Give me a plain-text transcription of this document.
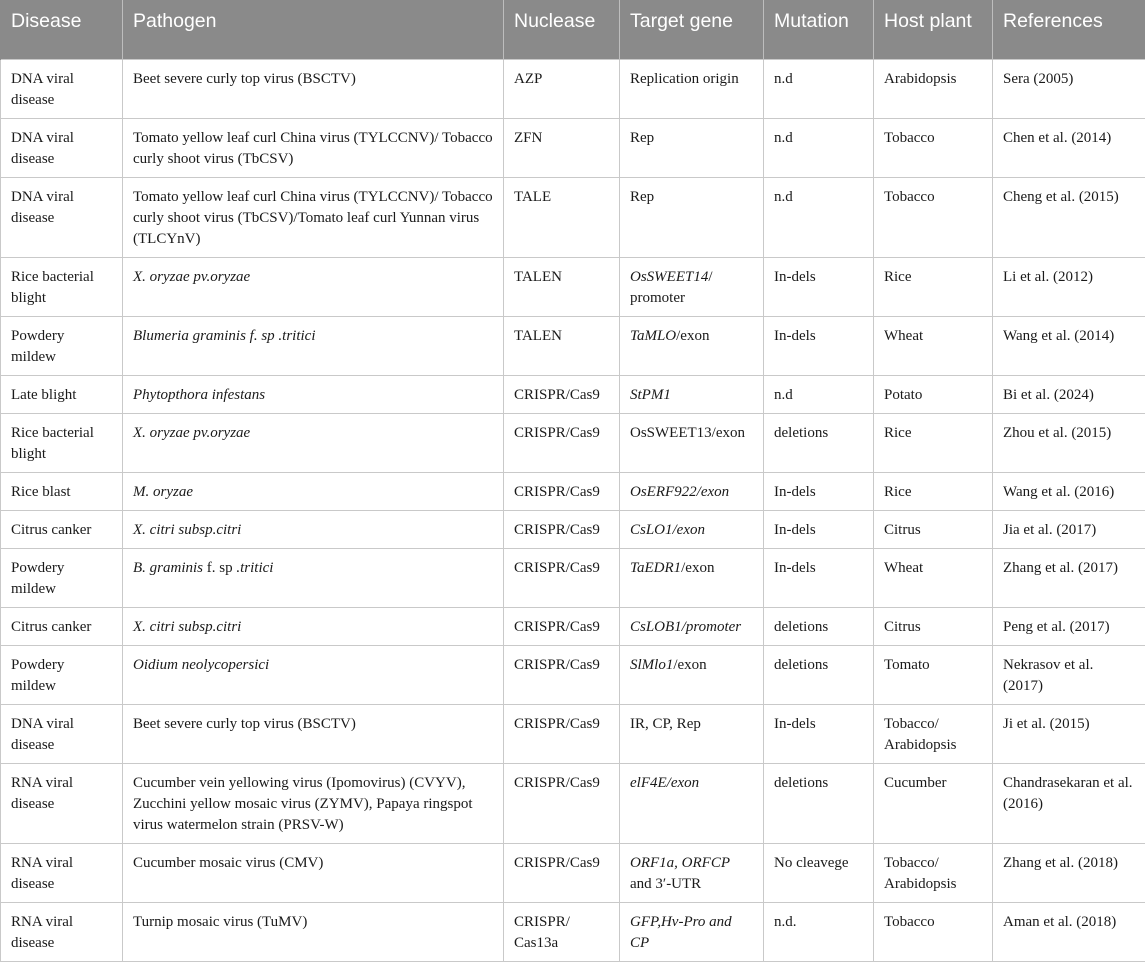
Disease	Pathogen	Nuclease	Target gene	Mutation	Host plant	References
DNA viral disease	Beet severe curly top virus (BSCTV)	AZP	Replication origin	n.d	Arabidopsis	Sera (2005)
DNA viral disease	Tomato yellow leaf curl China virus (TYLCCNV)/ Tobacco curly shoot virus (TbCSV)	ZFN	Rep	n.d	Tobacco	Chen et al. (2014)
DNA viral disease	Tomato yellow leaf curl China virus (TYLCCNV)/ Tobacco curly shoot virus (TbCSV)/Tomato leaf curl Yunnan virus (TLCYnV)	TALE	Rep	n.d	Tobacco	Cheng et al. (2015)
Rice bacterial blight	X. oryzae pv.oryzae	TALEN	OsSWEET14/ promoter	In-dels	Rice	Li et al. (2012)
Powdery mildew	Blumeria graminis f. sp .tritici	TALEN	TaMLO/exon	In-dels	Wheat	Wang et al. (2014)
Late blight	Phytopthora infestans	CRISPR/Cas9	StPM1	n.d	Potato	Bi et al. (2024)
Rice bacterial blight	X. oryzae pv.oryzae	CRISPR/Cas9	OsSWEET13/exon	deletions	Rice	Zhou et al. (2015)
Rice blast	M. oryzae	CRISPR/Cas9	OsERF922/exon	In-dels	Rice	Wang et al. (2016)
Citrus canker	X. citri subsp.citri	CRISPR/Cas9	CsLO1/exon	In-dels	Citrus	Jia et al. (2017)
Powdery mildew	B. graminis f. sp .tritici	CRISPR/Cas9	TaEDR1/exon	In-dels	Wheat	Zhang et al. (2017)
Citrus canker	X. citri subsp.citri	CRISPR/Cas9	CsLOB1/promoter	deletions	Citrus	Peng et al. (2017)
Powdery mildew	Oidium neolycopersici	CRISPR/Cas9	SlMlo1/exon	deletions	Tomato	Nekrasov et al. (2017)
DNA viral disease	Beet severe curly top virus (BSCTV)	CRISPR/Cas9	IR, CP, Rep	In-dels	Tobacco/ Arabidopsis	Ji et al. (2015)
RNA viral disease	Cucumber vein yellowing virus (Ipomovirus) (CVYV), Zucchini yellow mosaic virus (ZYMV), Papaya ringspot virus watermelon strain (PRSV-W)	CRISPR/Cas9	elF4E/exon	deletions	Cucumber	Chandrasekaran et al. (2016)
RNA viral disease	Cucumber mosaic virus (CMV)	CRISPR/Cas9	ORF1a, ORFCP and 3′-UTR	No cleavege	Tobacco/ Arabidopsis	Zhang et al. (2018)
RNA viral disease	Turnip mosaic virus (TuMV)	CRISPR/ Cas13a	GFP,Hv-Pro and CP	n.d.	Tobacco	Aman et al. (2018)
